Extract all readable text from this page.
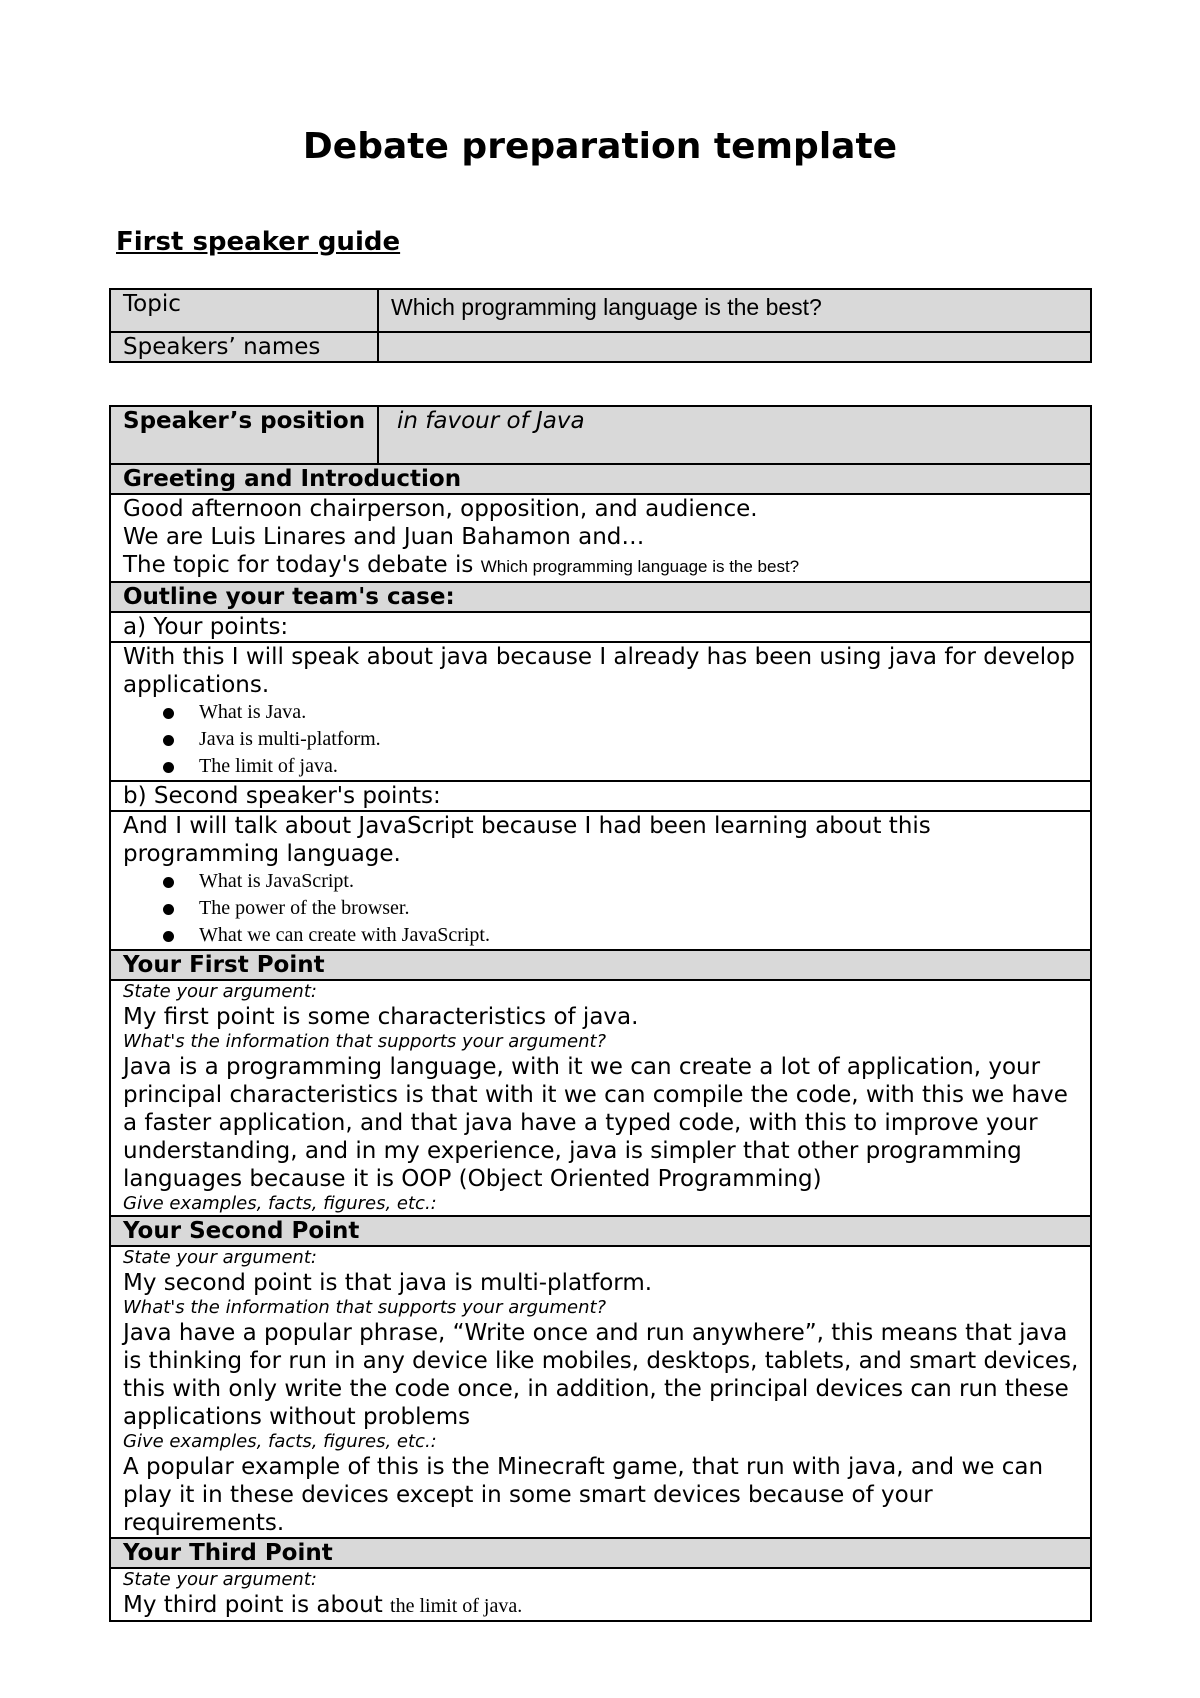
Debate preparation template
First speaker guide
Topic	Which programming language is the best?
Speakers’ names	
Speaker’s position	in favour of Java
Greeting and Introduction

Good afternoon chairperson, opposition, and audience.
We are Luis Linares and Juan Bahamon and…
The topic for today's debate is Which programming language is the best?

Outline your team's case:
a) Your points:

With this I will speak about java because I already has been using java for develop applications.
What is Java.
Java is multi-platform.
The limit of java.

b) Second speaker's points:

And I will talk about JavaScript because I had been learning about this programming language.
What is JavaScript.
The power of the browser.
What we can create with JavaScript.

Your First Point

State your argument:
My first point is some characteristics of java.
What's the information that supports your argument?
Java is a programming language, with it we can create a lot of application, your principal characteristics is that with it we can compile the code, with this we have a faster application, and that java have a typed code, with this to improve your understanding, and in my experience, java is simpler that other programming languages because it is OOP (Object Oriented Programming)
Give examples, facts, figures, etc.:

Your Second Point

State your argument:
My second point is that java is multi-platform.
What's the information that supports your argument?
Java have a popular phrase, “Write once and run anywhere”, this means that java is thinking for run in any device like mobiles, desktops, tablets, and smart devices, this with only write the code once, in addition, the principal devices can run these applications without problems
Give examples, facts, figures, etc.:
A popular example of this is the Minecraft game, that run with java, and we can play it in these devices except in some smart devices because of your requirements.

Your Third Point

State your argument:
My third point is about the limit of java.
